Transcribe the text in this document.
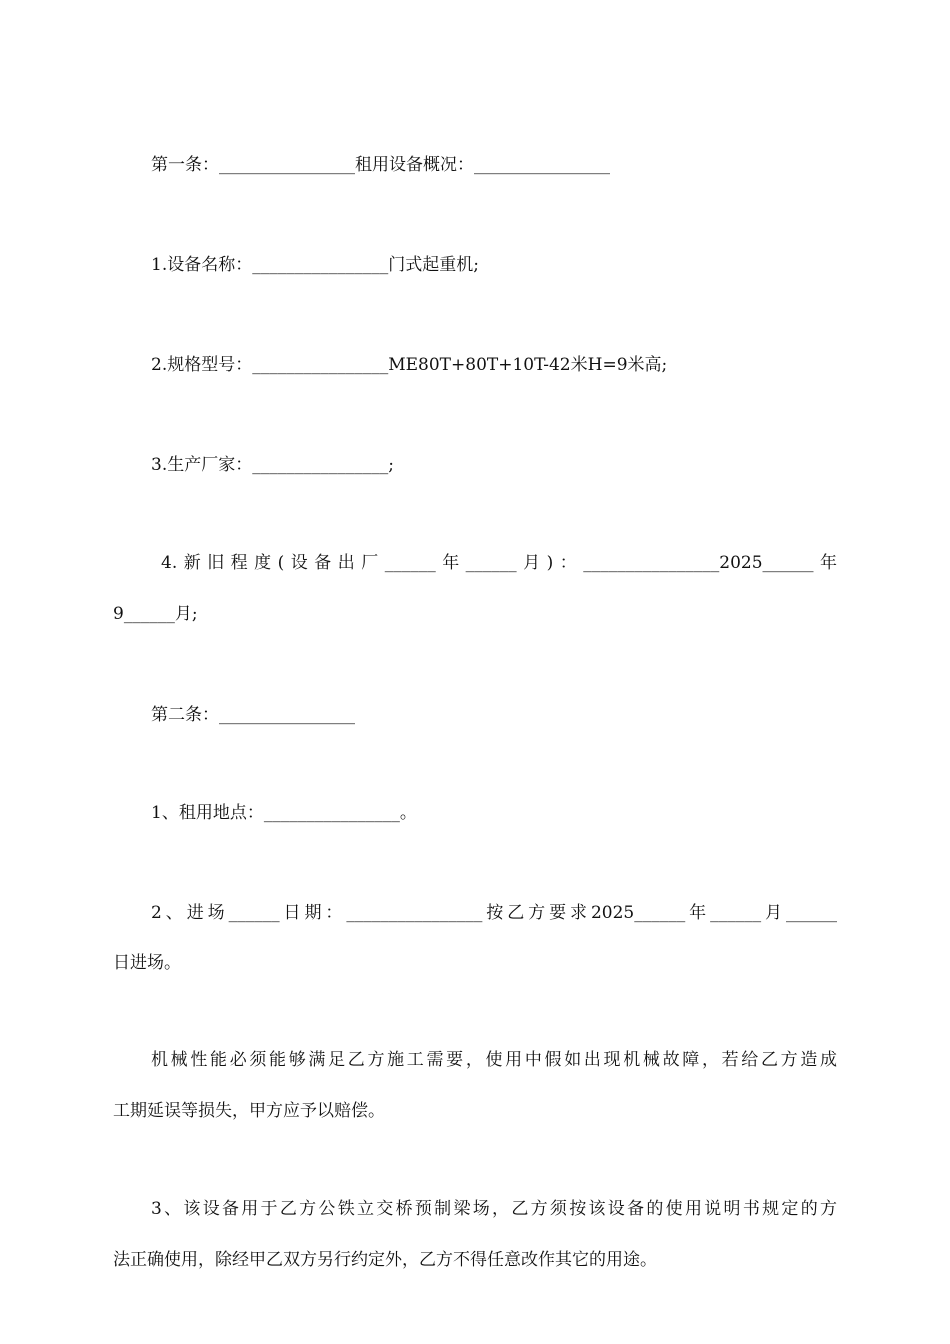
第一条：________________租用设备概况：________________
1.设备名称：________________门式起重机;
2.规格型号：________________ME80T+80T+10T-42米H=9米高;
3.生产厂家：________________;
4.新旧程度(设备出厂______年______月)：________________2025______年
9______月;
第二条：________________
1、租用地点：________________。
2、进场______日期：________________按乙方要求2025______年______月______
日进场。
机械性能必须能够满足乙方施工需要，使用中假如出现机械故障，若给乙方造成
工期延误等损失，甲方应予以赔偿。
3、该设备用于乙方公铁立交桥预制梁场，乙方须按该设备的使用说明书规定的方
法正确使用，除经甲乙双方另行约定外，乙方不得任意改作其它的用途。
